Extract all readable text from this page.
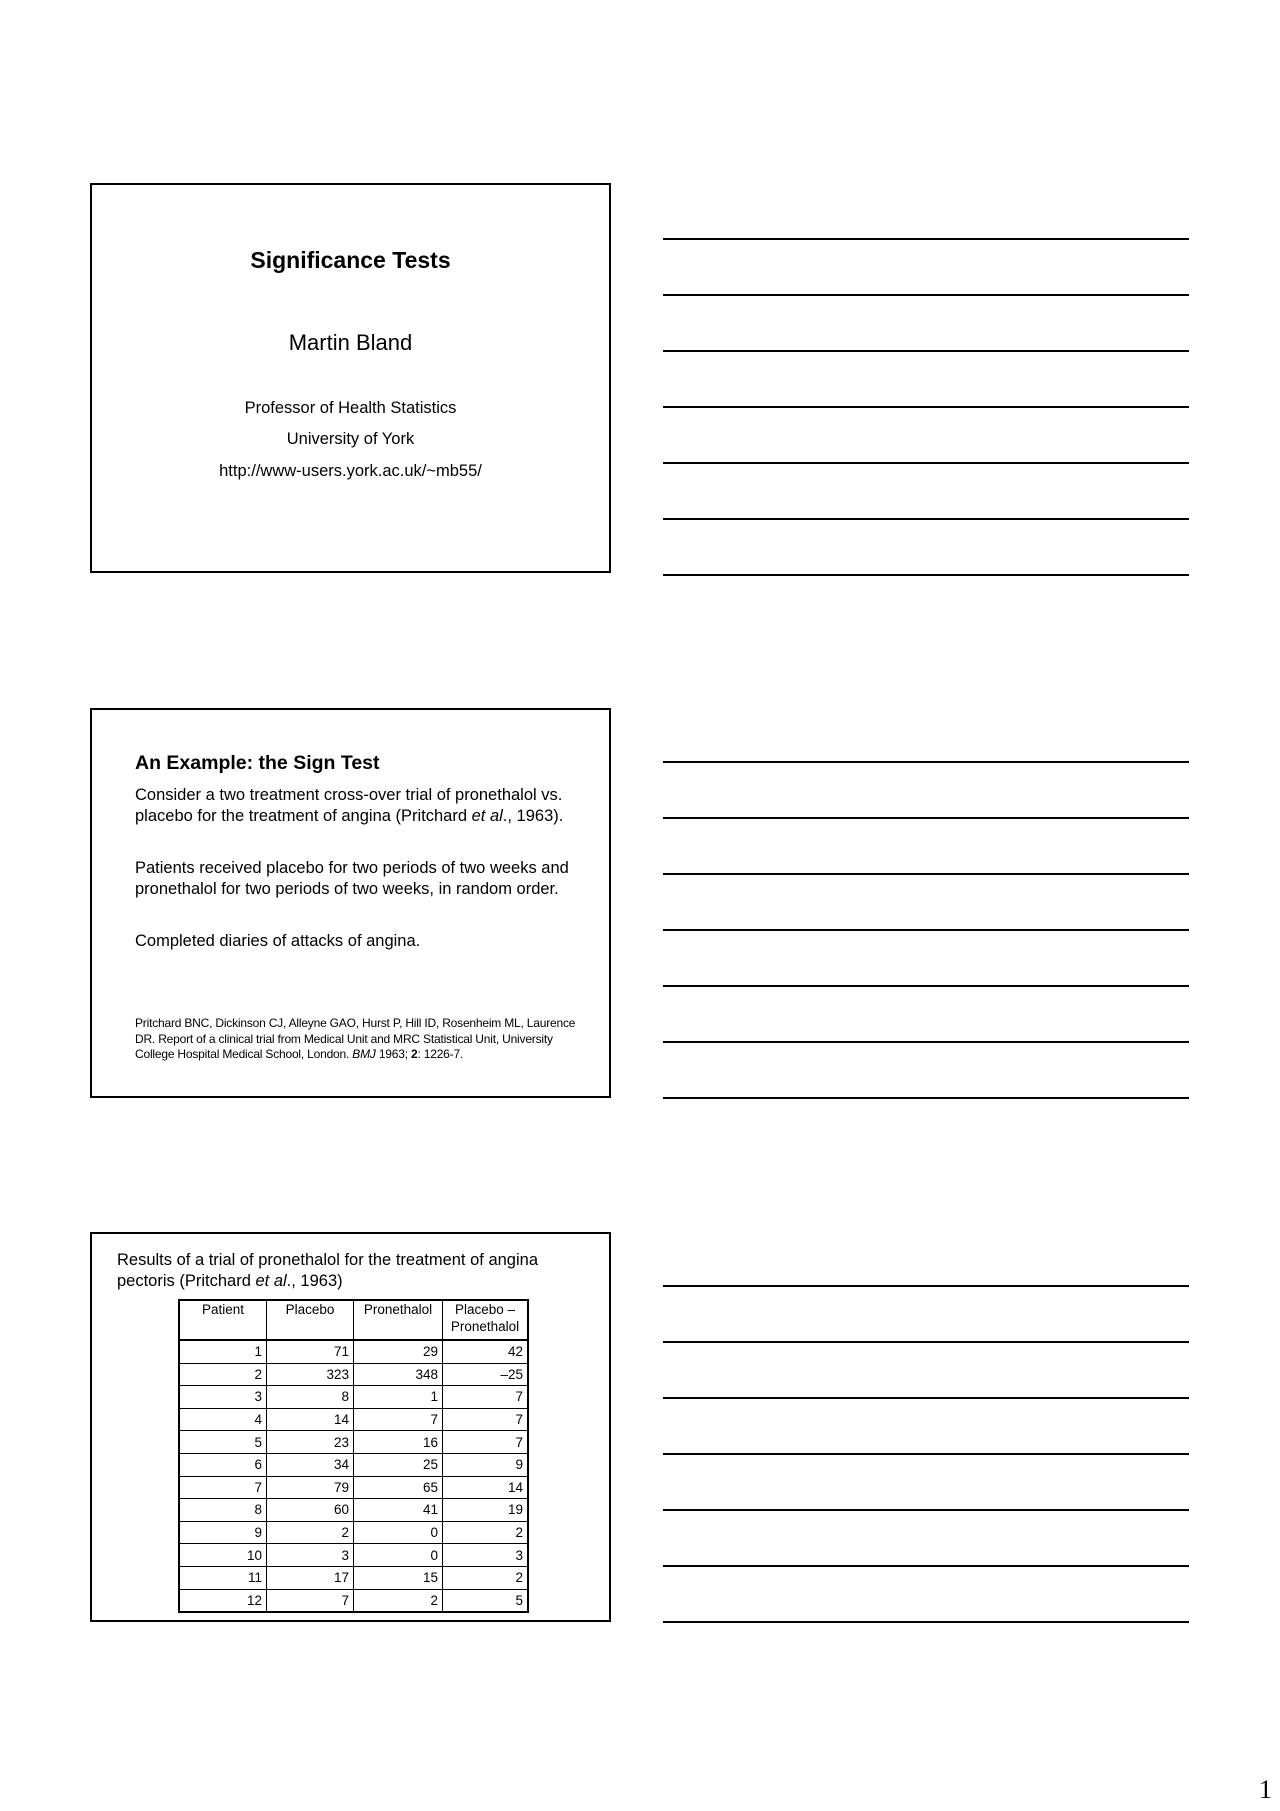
Significance Tests
Martin Bland
Professor of Health Statistics
University of York
http://www-users.york.ac.uk/~mb55/
An Example: the Sign Test
Consider a two treatment cross-over trial of pronethalol vs. placebo for the treatment of angina (Pritchard et al., 1963).
Patients received placebo for two periods of two weeks and pronethalol for two periods of two weeks, in random order.
Completed diaries of attacks of angina.
Pritchard BNC, Dickinson CJ, Alleyne GAO, Hurst P, Hill ID, Rosenheim ML, Laurence DR. Report of a clinical trial from Medical Unit and MRC Statistical Unit, University College Hospital Medical School, London. BMJ 1963; 2: 1226-7.
Results of a trial of pronethalol for the treatment of angina pectoris (Pritchard et al., 1963)
Patient	Placebo	Pronethalol	Placebo –
Pronethalol
1	71	29	42
2	323	348	–25
3	8	1	7
4	14	7	7
5	23	16	7
6	34	25	9
7	79	65	14
8	60	41	19
9	2	0	2
10	3	0	3
11	17	15	2
12	7	2	5
1
